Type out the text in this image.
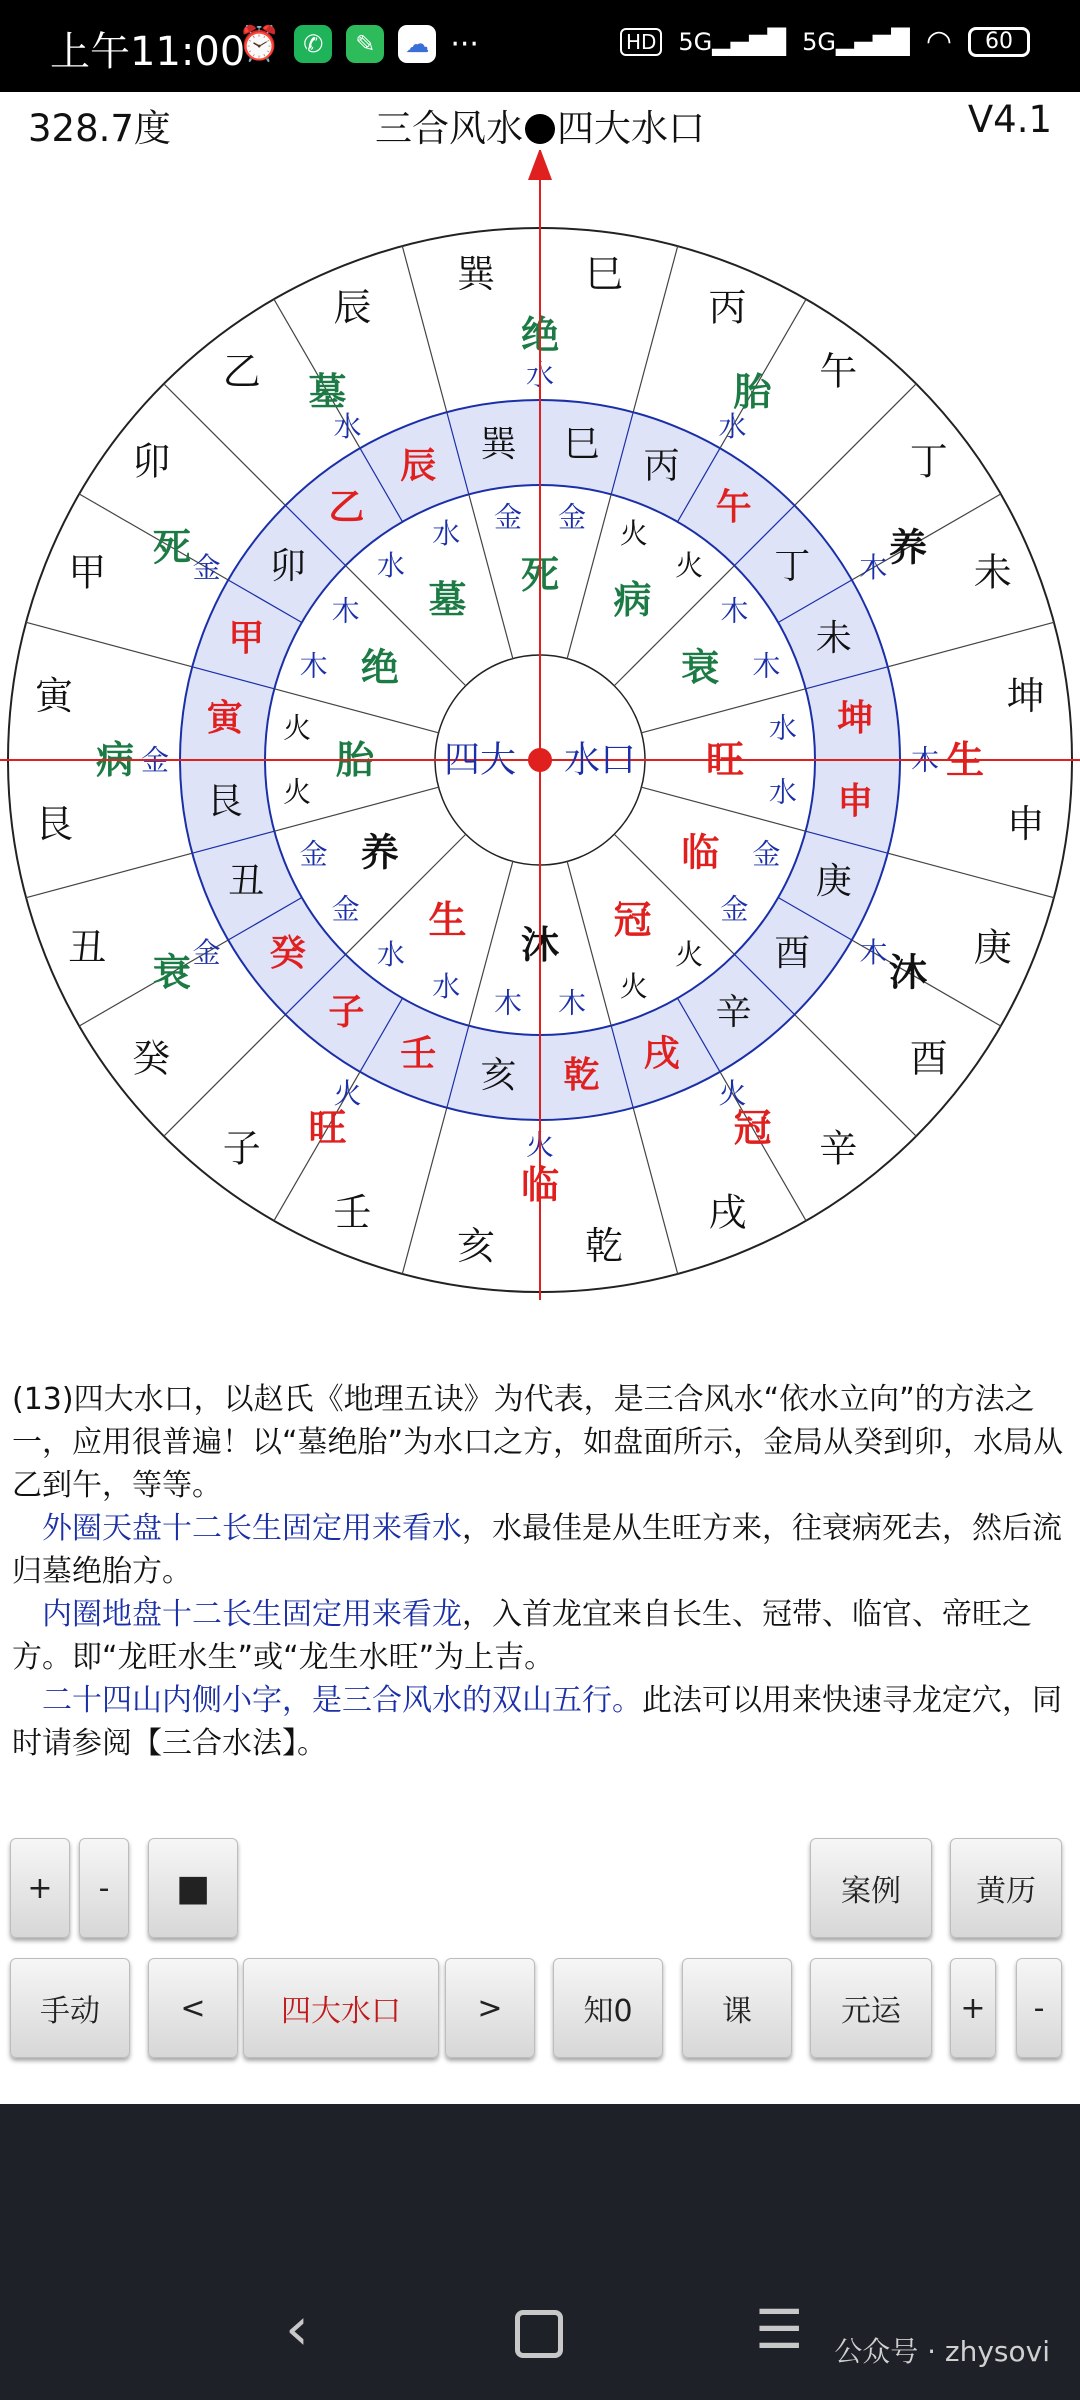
上午11:00
⏰ ✆	✎	☁ ···	HD 5G▂▄▆█ 5G▂▄▆█ ◠	60
328.7度	三合风水 四大水口	V4.1
巽 巳
丙
午
丁
未
坤
申
庚
酉
辛
戌
乾
亥
壬
子
癸
丑
艮
寅
甲
卯
乙
辰
绝
水	胎
水
养
木
生
木
沐
木
冠
火
临
火
旺
火
衰 金
病 金
死 金
墓
水	巽 巳
丙
午
丁
未
坤
申
庚
酉
辛
戌
乾
亥
壬
子
癸
丑
艮
寅
甲
卯
乙
辰
金 金
火
火
木
木
水
水
金
金
火
火
木
木
水
水
金
金
火
火
木
木
水
水
死
病
衰
旺
临
冠
沐
生
养
胎
绝
墓
四大 水口

(13)四大水口，以赵氏《地理五诀》为代表，是三合风水“依水立向”的方法之一，应用很普遍！以“墓绝胎”为水口之方，如盘面所示，金局从癸到卯，水局从乙到午，等等。

 外圈天盘十二长生固定用来看水，水最佳是从生旺方来，往衰病死去，然后流归墓绝胎方。

 内圈地盘十二长生固定用来看龙，入首龙宜来自长生、冠带、临官、帝旺之方。即“龙旺水生”或“龙生水旺”为上吉。

 二十四山内侧小字，是三合风水的双山五行。此法可以用来快速寻龙定穴，同时请参阅【三合水法】。

+	-	■	案例	黄历
手动	<	四大水口	>	知0	课	元运	+	-
‹	☰ 公众号 · zhysovi
